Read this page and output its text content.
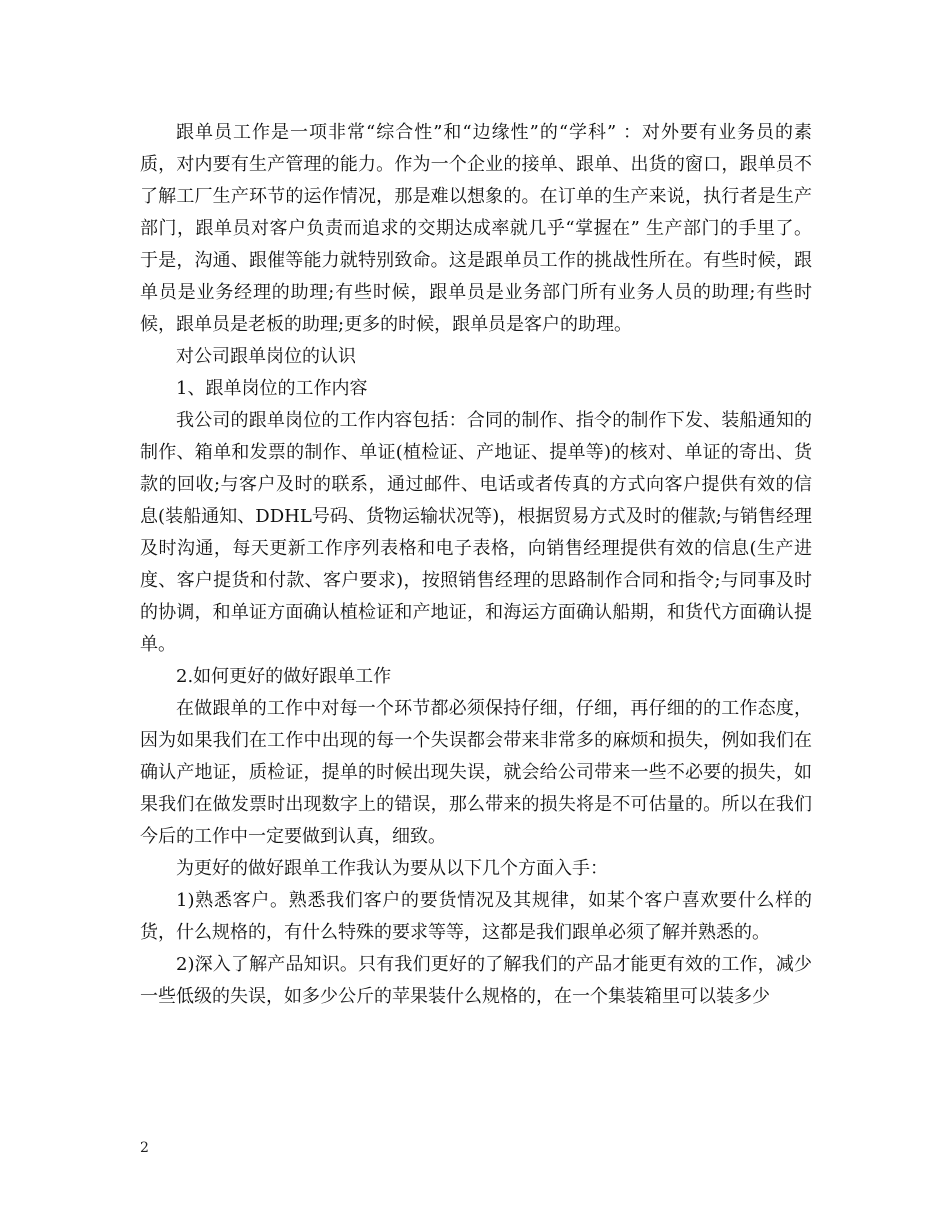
跟单员工作是一项非常“综合性”和“边缘性”的“学科” ：对外要有业务员的素质，对内要有生产管理的能力。作为一个企业的接单、跟单、出货的窗口，跟单员不了解工厂生产环节的运作情况，那是难以想象的。在订单的生产来说，执行者是生产部门，跟单员对客户负责而追求的交期达成率就几乎“掌握在” 生产部门的手里了。于是，沟通、跟催等能力就特别致命。这是跟单员工作的挑战性所在。有些时候，跟单员是业务经理的助理;有些时候，跟单员是业务部门所有业务人员的助理;有些时候，跟单员是老板的助理;更多的时候，跟单员是客户的助理。

对公司跟单岗位的认识

1、跟单岗位的工作内容

我公司的跟单岗位的工作内容包括：合同的制作、指令的制作下发、装船通知的制作、箱单和发票的制作、单证(植检证、产地证、提单等)的核对、单证的寄出、货款的回收;与客户及时的联系，通过邮件、电话或者传真的方式向客户提供有效的信息(装船通知、DDHL号码、货物运输状况等)，根据贸易方式及时的催款;与销售经理及时沟通，每天更新工作序列表格和电子表格，向销售经理提供有效的信息(生产进度、客户提货和付款、客户要求)，按照销售经理的思路制作合同和指令;与同事及时的协调，和单证方面确认植检证和产地证，和海运方面确认船期，和货代方面确认提单。

2.如何更好的做好跟单工作

在做跟单的工作中对每一个环节都必须保持仔细，仔细，再仔细的的工作态度，因为如果我们在工作中出现的每一个失误都会带来非常多的麻烦和损失，例如我们在确认产地证，质检证，提单的时候出现失误，就会给公司带来一些不必要的损失，如果我们在做发票时出现数字上的错误，那么带来的损失将是不可估量的。所以在我们今后的工作中一定要做到认真，细致。

为更好的做好跟单工作我认为要从以下几个方面入手：

1)熟悉客户。熟悉我们客户的要货情况及其规律，如某个客户喜欢要什么样的货，什么规格的，有什么特殊的要求等等，这都是我们跟单必须了解并熟悉的。

2)深入了解产品知识。只有我们更好的了解我们的产品才能更有效的工作，减少一些低级的失误，如多少公斤的苹果装什么规格的，在一个集装箱里可以装多少

2
